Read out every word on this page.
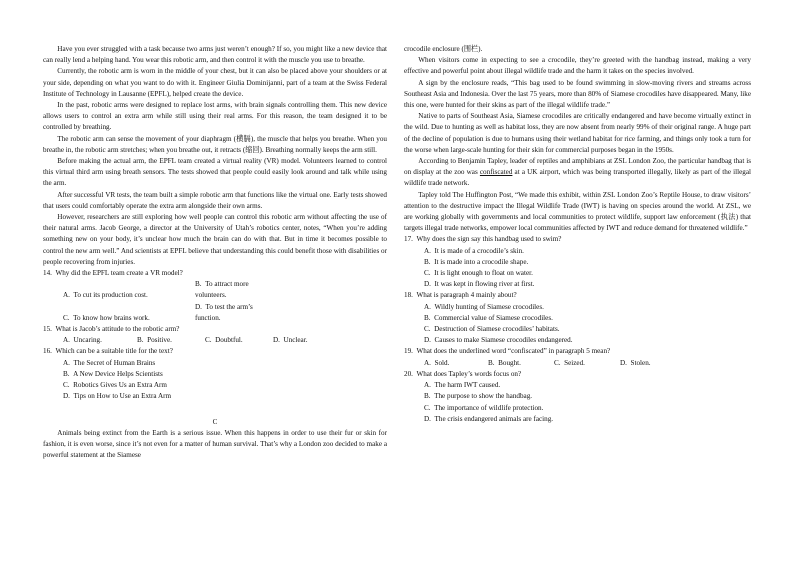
Have you ever struggled with a task because two arms just weren’t enough? If so, you might like a new device that can really lend a helping hand. You wear this robotic arm, and then control it with the muscle you use to breathe.

Currently, the robotic arm is worn in the middle of your chest, but it can also be placed above your shoulders or at your side, depending on what you want to do with it. Engineer Giulia Dominijanni, part of a team at the Swiss Federal Institute of Technology in Lausanne (EPFL), helped create the device.

In the past, robotic arms were designed to replace lost arms, with brain signals controlling them. This new device allows users to control an extra arm while still using their real arms. For this reason, the team designed it to be controlled by breathing.

The robotic arm can sense the movement of your diaphragm (横膈), the muscle that helps you breathe. When you breathe in, the robotic arm stretches; when you breathe out, it retracts (缩回). Breathing normally keeps the arm still.

Before making the actual arm, the EPFL team created a virtual reality (VR) model. Volunteers learned to control this virtual third arm using breath sensors. The tests showed that people could easily look around and talk while using the arm.

After successful VR tests, the team built a simple robotic arm that functions like the virtual one. Early tests showed that users could comfortably operate the extra arm alongside their own arms.

However, researchers are still exploring how well people can control this robotic arm without affecting the use of their natural arms. Jacob George, a director at the University of Utah’s robotics center, notes, “When you’re adding something new on your body, it’s unclear how much the brain can do with that. But in time it becomes possible to control the new arm well.” And scientists at EPFL believe that understanding this could benefit those with disabilities or people recovering from injuries.

14.  Why did the EPFL team create a VR model?
A.  To cut its production cost.B.  To attract more volunteers.
C.  To know how brains work.D.  To test the arm’s function.
15.  What is Jacob’s attitude to the robotic arm?
A.  Uncaring.	B.  Positive.	C.  Doubtful.	D.  Unclear.
16.  Which can be a suitable title for the text?
A.  The Secret of Human Brains
B.  A New Device Helps Scientists
C.  Robotics Gives Us an Extra Arm
D.  Tips on How to Use an Extra Arm
C

Animals being extinct from the Earth is a serious issue. When this happens in order to use their fur or skin for fashion, it is even worse, since it’s not even for a matter of human survival. That’s why a London zoo decided to make a powerful statement at the Siamese

crocodile enclosure (围栏).

When visitors come in expecting to see a crocodile, they’re greeted with the handbag instead, making a very effective and powerful point about illegal wildlife trade and the harm it takes on the species involved.

A sign by the enclosure reads, “This bag used to be found swimming in slow-moving rivers and streams across Southeast Asia and Indonesia. Over the last 75 years, more than 80% of Siamese crocodiles have disappeared. Many, like this one, were hunted for their skins as part of the illegal wildlife trade.”

Native to parts of Southeast Asia, Siamese crocodiles are critically endangered and have become virtually extinct in the wild. Due to hunting as well as habitat loss, they are now absent from nearly 99% of their original range. A huge part of the decline of population is due to humans using their wetland habitat for rice farming, and things only took a turn for the worse when large-scale hunting for their skin for commercial purposes began in the 1950s.

According to Benjamin Tapley, leader of reptiles and amphibians at ZSL London Zoo, the particular handbag that is on display at the zoo was confiscated at a UK airport, which was being transported illegally, likely as part of the illegal wildlife trade network.

Tapley told The Huffington Post, “We made this exhibit, within ZSL London Zoo’s Reptile House, to draw visitors’ attention to the destructive impact the Illegal Wildlife Trade (IWT) is having on species around the world. At ZSL, we are working globally with governments and local communities to protect wildlife, support law enforcement (执法) that targets illegal trade networks, empower local communities affected by IWT and reduce demand for threatened wildlife.”

17.  Why does the sign say this handbag used to swim?
A.  It is made of a crocodile’s skin.
B.  It is made into a crocodile shape.
C.  It is light enough to float on water.
D.  It was kept in flowing river at first.
18.  What is paragraph 4 mainly about?
A.  Wildly hunting of Siamese crocodiles.
B.  Commercial value of Siamese crocodiles.
C.  Destruction of Siamese crocodiles’ habitats.
D.  Causes to make Siamese crocodiles endangered.
19.  What does the underlined word “confiscated” in paragraph 5 mean?
A.  Sold.	B.  Bought.	C.  Seized.	D.  Stolen.
20.  What does Tapley’s words focus on?
A.  The harm IWT caused.
B.  The purpose to show the handbag.
C.  The importance of wildlife protection.
D.  The crisis endangered animals are facing.
